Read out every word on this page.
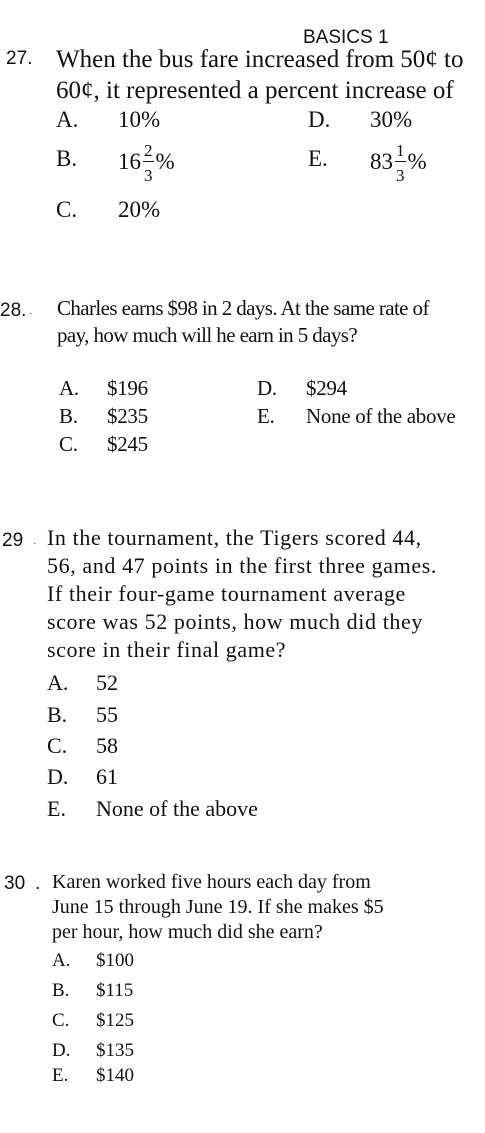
BASICS 1
27. When the bus fare increased from 50¢ to
60¢, it represented a percent increase of
A. 10%	D. 30%
B. $16 \frac{2}{3}$ %	E. $83 \frac{1}{3}$ %
C. 20%
28. · Charles earns $98 in 2 days. At the same rate of
pay, how much will he earn in 5 days?
A. $196
B. $235
C. $245
D. $294
E. None of the above
29 · In the tournament, the Tigers scored 44,
56, and 47 points in the first three games.
If their four-game tournament average
score was 52 points, how much did they
score in their final game?
A. 52
B. 55
C. 58
D. 61
E. None of the above
30 . Karen worked five hours each day from
June 15 through June 19. If she makes $5
per hour, how much did she earn?
A. $100
B. $115
C. $125
D. $135
E. $140
